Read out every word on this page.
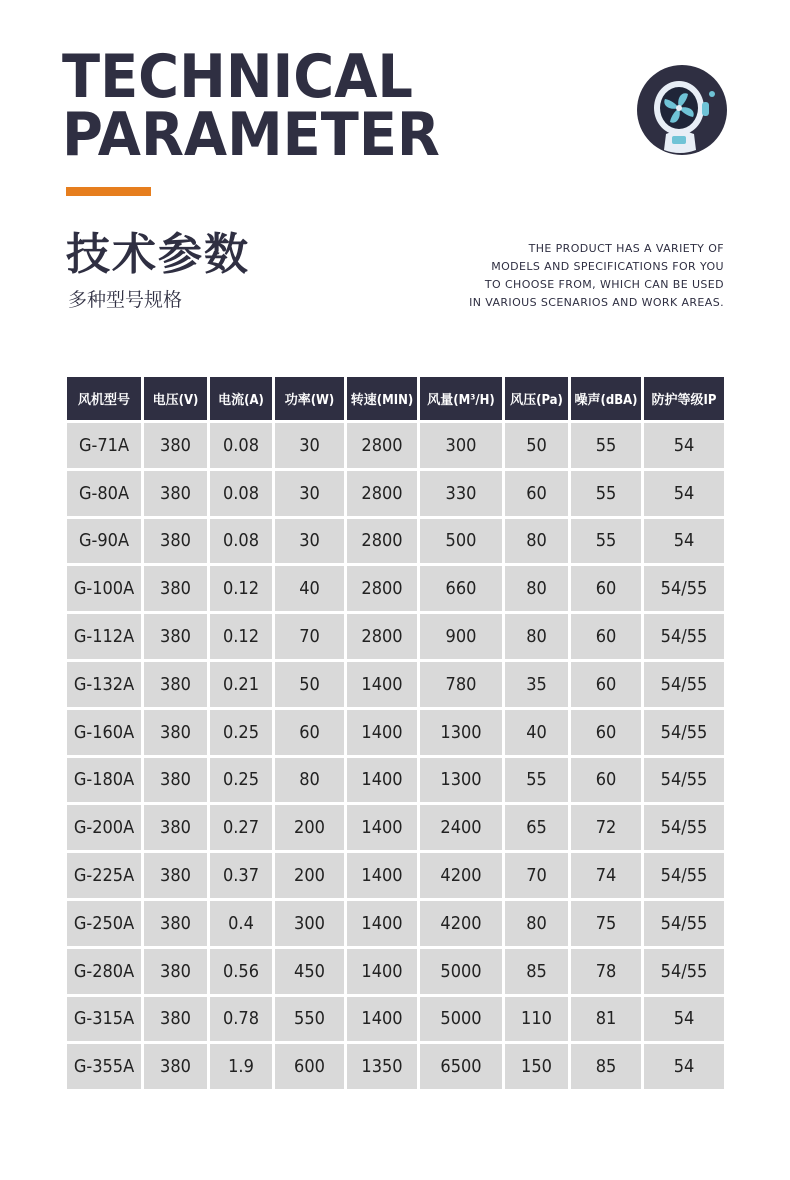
TECHNICAL
PARAMETER
技术参数
多种型号规格
THE PRODUCT HAS A VARIETY OF
MODELS AND SPECIFICATIONS FOR YOU
TO CHOOSE FROM, WHICH CAN BE USED
IN VARIOUS SCENARIOS AND WORK AREAS.
风机型号	电压(V)	电流(A)	功率(W)	转速(MIN)	风量(M³/H)	风压(Pa)	噪声(dBA)	防护等级IP
G-71A	380	0.08	30	2800	300	50	55	54
G-80A	380	0.08	30	2800	330	60	55	54
G-90A	380	0.08	30	2800	500	80	55	54
G-100A	380	0.12	40	2800	660	80	60	54/55
G-112A	380	0.12	70	2800	900	80	60	54/55
G-132A	380	0.21	50	1400	780	35	60	54/55
G-160A	380	0.25	60	1400	1300	40	60	54/55
G-180A	380	0.25	80	1400	1300	55	60	54/55
G-200A	380	0.27	200	1400	2400	65	72	54/55
G-225A	380	0.37	200	1400	4200	70	74	54/55
G-250A	380	0.4	300	1400	4200	80	75	54/55
G-280A	380	0.56	450	1400	5000	85	78	54/55
G-315A	380	0.78	550	1400	5000	110	81	54
G-355A	380	1.9	600	1350	6500	150	85	54
